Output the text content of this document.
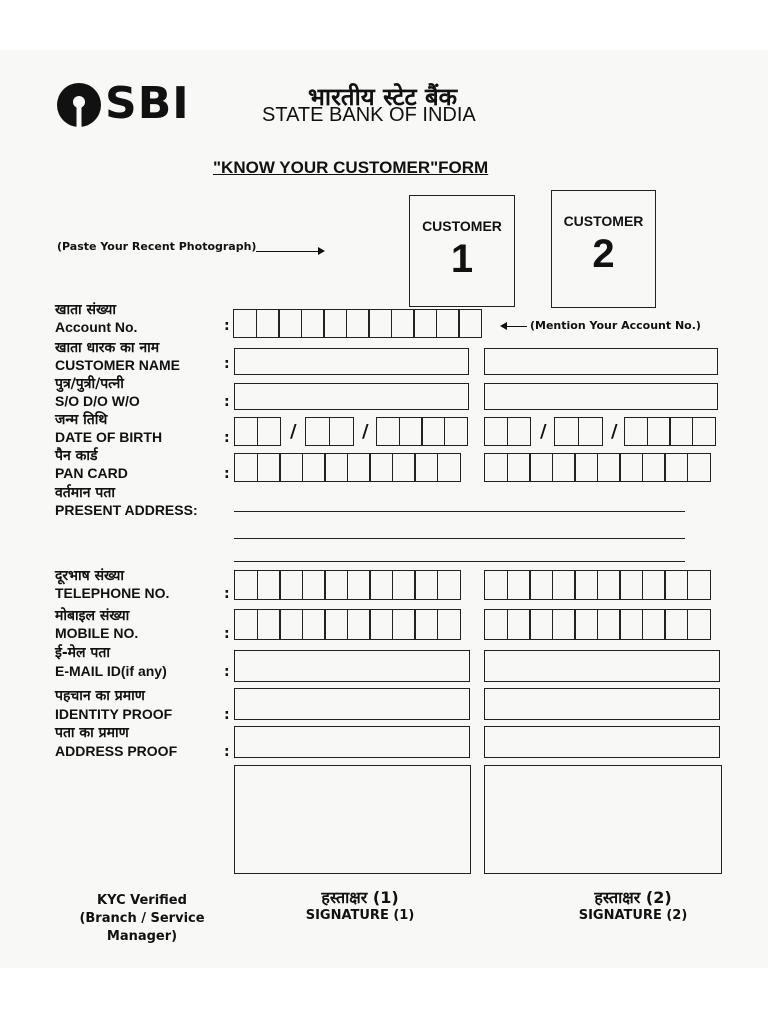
SBI	भारतीय स्टेट बैंक
STATE BANK OF INDIA
"KNOW YOUR CUSTOMER"FORM
(Paste Your Recent Photograph)
CUSTOMER
1
CUSTOMER
2
खाता संख्या
Account No.	:	(Mention Your Account No.)
खाता धारक का नाम
CUSTOMER NAME	:
पुत्र/पुत्री/पत्नी
S/O D/O W/O	:
जन्म तिथि
DATE OF BIRTH	:	/	/	/	/
पैन कार्ड
PAN CARD	:
वर्तमान पता
PRESENT ADDRESS:
दूरभाष संख्या
TELEPHONE NO.	:
मोबाइल संख्या
MOBILE NO.	:
ई-मेल पता
E-MAIL ID(if any)	:
पहचान का प्रमाण
IDENTITY PROOF	:
पता का प्रमाण
ADDRESS PROOF	:
KYC Verified
(Branch / Service Manager)
हस्ताक्षर (1)
SIGNATURE (1)
हस्ताक्षर (2)
SIGNATURE (2)
